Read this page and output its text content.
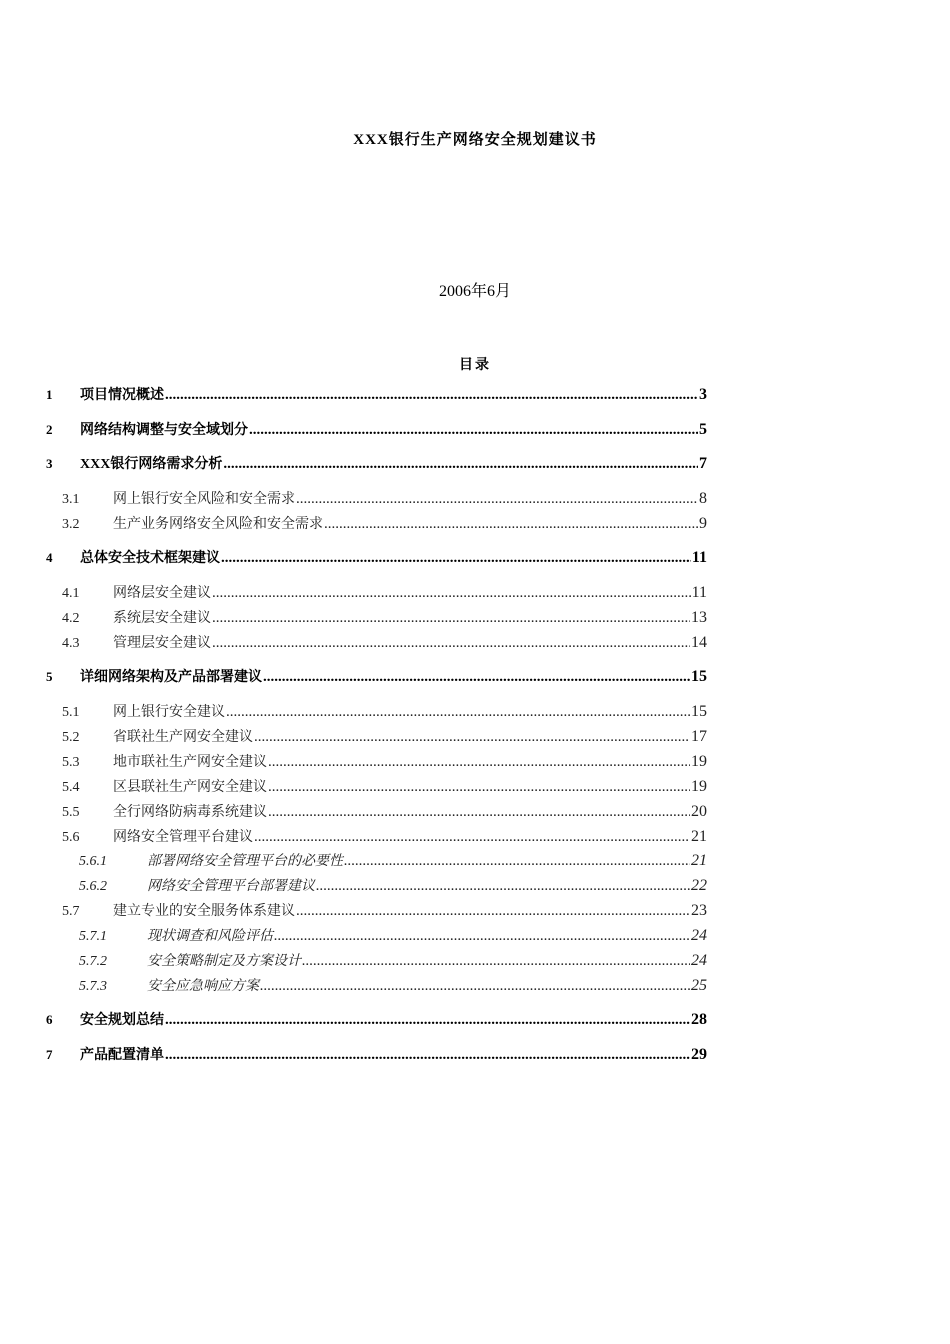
XXX银行生产网络安全规划建议书
2006年6月
目录
1	项目情况概述 .....	3
2	网络结构调整与安全域划分 .....	5
3	XXX银行网络需求分析 .....	7
3.1	网上银行安全风险和安全需求 .....	8
3.2	生产业务网络安全风险和安全需求 .....	9
4	总体安全技术框架建议 .....	11
4.1	网络层安全建议 .....	11
4.2	系统层安全建议 .....	13
4.3	管理层安全建议 .....	14
5	详细网络架构及产品部署建议 .....	15
5.1	网上银行安全建议 .....	15
5.2	省联社生产网安全建议 .....	17
5.3	地市联社生产网安全建议 .....	19
5.4	区县联社生产网安全建议 .....	19
5.5	全行网络防病毒系统建议 .....	20
5.6	网络安全管理平台建议 .....	21
5.6.1	部署网络安全管理平台的必要性 .....	21
5.6.2	网络安全管理平台部署建议 .....	22
5.7	建立专业的安全服务体系建议 .....	23
5.7.1	现状调查和风险评估 .....	24
5.7.2	安全策略制定及方案设计 .....	24
5.7.3	安全应急响应方案 .....	25
6	安全规划总结 .....	28
7	产品配置清单 .....	29
